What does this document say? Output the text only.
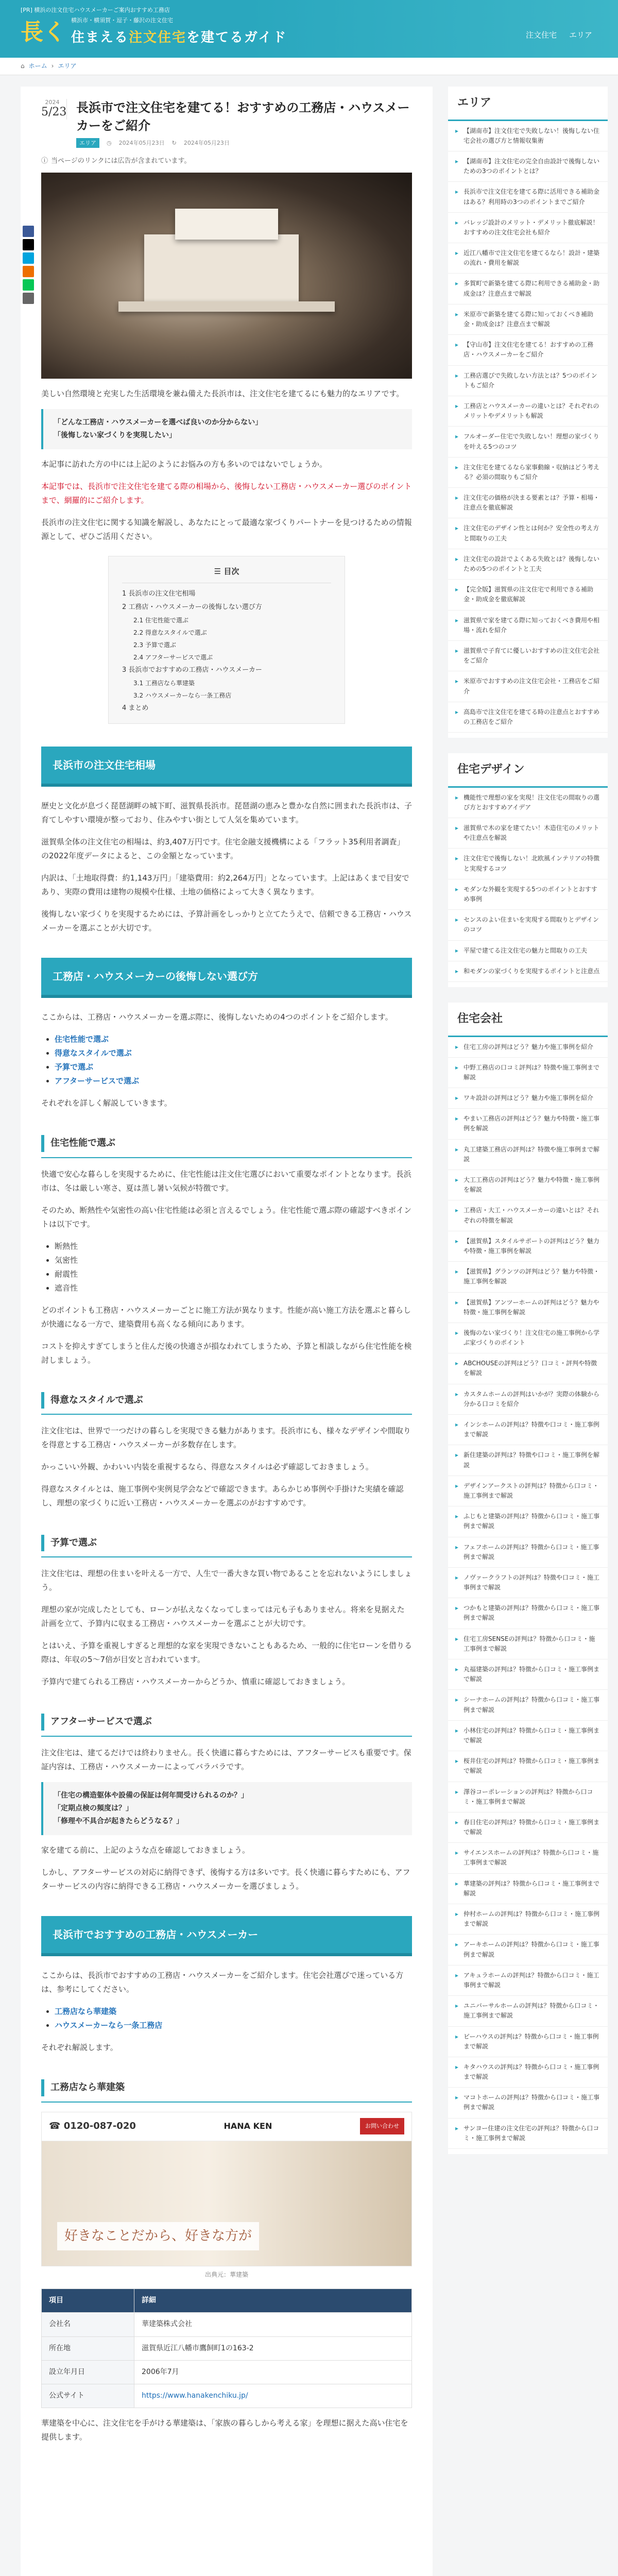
[PR] 横浜の注文住宅ハウスメーカーご案内おすすめ工務店
長く 横浜市・横須賀・逗子・藤沢の注文住宅
住まえる注文住宅を建てるガイド	注文住宅 エリア
⌂ ホーム › エリア
2024
5/23 長浜市で注文住宅を建てる！おすすめの工務店・ハウスメーカーをご紹介
エリア	◷ 2024年05月23日 ↻ 2024年05月23日
ⓘ 当ページのリンクには広告が含まれています。

美しい自然環境と充実した生活環境を兼ね備えた長浜市は、注文住宅を建てるにも魅力的なエリアです。

「どんな工務店・ハウスメーカーを選べば良いのか分からない」
「後悔しない家づくりを実現したい」

本記事に訪れた方の中には上記のようにお悩みの方も多いのではないでしょうか。

本記事では、長浜市で注文住宅を建てる際の相場から、後悔しない工務店・ハウスメーカー選びのポイントまで、網羅的にご紹介します。

長浜市の注文住宅に関する知識を解説し、あなたにとって最適な家づくりパートナーを見つけるための情報源として、ぜひご活用ください。

☰ 目次
1 長浜市の注文住宅相場
2 工務店・ハウスメーカーの後悔しない選び方
2.1 住宅性能で選ぶ
2.2 得意なスタイルで選ぶ
2.3 予算で選ぶ
2.4 アフターサービスで選ぶ
3 長浜市でおすすめの工務店・ハウスメーカー
3.1 工務店なら華建築
3.2 ハウスメーカーなら一条工務店
4 まとめ
長浜市の注文住宅相場

歴史と文化が息づく琵琶湖畔の城下町、滋賀県長浜市。琵琶湖の恵みと豊かな自然に囲まれた長浜市は、子育てしやすい環境が整っており、住みやすい街として人気を集めています。

滋賀県全体の注文住宅の相場は、約3,407万円です。住宅金融支援機構による「フラット35利用者調査」の2022年度データによると、この金額となっています。

内訳は、「土地取得費：約1,143万円」「建築費用：約2,264万円」となっています。上記はあくまで目安であり、実際の費用は建物の規模や仕様、土地の価格によって大きく異なります。

後悔しない家づくりを実現するためには、予算計画をしっかりと立てたうえで、信頼できる工務店・ハウスメーカーを選ぶことが大切です。

工務店・ハウスメーカーの後悔しない選び方

ここからは、工務店・ハウスメーカーを選ぶ際に、後悔しないための4つのポイントをご紹介します。

• 住宅性能で選ぶ
• 得意なスタイルで選ぶ
• 予算で選ぶ
• アフターサービスで選ぶ

それぞれを詳しく解説していきます。

住宅性能で選ぶ

快適で安心な暮らしを実現するために、住宅性能は注文住宅選びにおいて重要なポイントとなります。長浜市は、冬は厳しい寒さ、夏は蒸し暑い気候が特徴です。

そのため、断熱性や気密性の高い住宅性能は必須と言えるでしょう。住宅性能で選ぶ際の確認すべきポイントは以下です。

• 断熱性
• 気密性
• 耐震性
• 遮音性

どのポイントも工務店・ハウスメーカーごとに施工方法が異なります。性能が高い施工方法を選ぶと暮らしが快適になる一方で、建築費用も高くなる傾向にあります。

コストを抑えすぎてしまうと住んだ後の快適さが損なわれてしまうため、予算と相談しながら住宅性能を検討しましょう。

得意なスタイルで選ぶ

注文住宅は、世界で一つだけの暮らしを実現できる魅力があります。長浜市にも、様々なデザインや間取りを得意とする工務店・ハウスメーカーが多数存在します。

かっこいい外観、かわいい内装を重視するなら、得意なスタイルは必ず確認しておきましょう。

得意なスタイルとは、施工事例や実例見学会などで確認できます。あらかじめ事例や手掛けた実績を確認し、理想の家づくりに近い工務店・ハウスメーカーを選ぶのがおすすめです。

予算で選ぶ

注文住宅は、理想の住まいを叶える一方で、人生で一番大きな買い物であることを忘れないようにしましょう。

理想の家が完成したとしても、ローンが払えなくなってしまっては元も子もありません。将来を見据えた計画を立て、予算内に収まる工務店・ハウスメーカーを選ぶことが大切です。

とはいえ、予算を重視しすぎると理想的な家を実現できないこともあるため、一般的に住宅ローンを借りる際は、年収の5〜7倍が目安と言われています。

予算内で建てられる工務店・ハウスメーカーからどうか、慎重に確認しておきましょう。

アフターサービスで選ぶ

注文住宅は、建てるだけでは終わりません。長く快適に暮らすためには、アフターサービスも重要です。保証内容は、工務店・ハウスメーカーによってバラバラです。

「住宅の構造躯体や設備の保証は何年間受けられるのか？」
「定期点検の頻度は？」
「修理や不具合が起きたらどうなる？」

家を建てる前に、上記のような点を確認しておきましょう。

しかし、アフターサービスの対応に納得できず、後悔する方は多いです。長く快適に暮らすためにも、アフターサービスの内容に納得できる工務店・ハウスメーカーを選びましょう。

長浜市でおすすめの工務店・ハウスメーカー

ここからは、長浜市でおすすめの工務店・ハウスメーカーをご紹介します。住宅会社選びで迷っている方は、参考にしてください。

• 工務店なら華建築
• ハウスメーカーなら一条工務店

それぞれ解説します。

工務店なら華建築
☎ 0120-087-020	HANA KEN	お問い合わせ
好きなことだから、好きな方が
出典元：華建築
項目	詳細
会社名	華建築株式会社
所在地	滋賀県近江八幡市鷹飼町1の163-2
設立年月日	2006年7月
公式サイト	https://www.hanakenchiku.jp/

華建築を中心に、注文住宅を手がける華建築は、「家族の暮らしから考える家」を理想に据えた高い住宅を提供します。

エリア
▸ 【湖南市】注文住宅で失敗しない！後悔しない住宅会社の選び方と情報収集術
▸ 【湖南市】注文住宅の完全自由設計で後悔しないための3つのポイントとは？
▸ 長浜市で注文住宅を建てる際に活用できる補助金はある？利用時の3つのポイントまでご紹介
▸ バレッジ設計のメリット・デメリット徹底解説！おすすめの注文住宅会社も紹介
▸ 近江八幡市で注文住宅を建てるなら！設計・建築の流れ・費用を解説
▸ 多賀町で新築を建てる際に利用できる補助金・助成金は？注意点まで解説
▸ 米原市で新築を建てる際に知っておくべき補助金・助成金は？注意点まで解説
▸ 【守山市】注文住宅を建てる！おすすめの工務店・ハウスメーカーをご紹介
▸ 工務店選びで失敗しない方法とは？5つのポイントもご紹介
▸ 工務店とハウスメーカーの違いとは？それぞれのメリットやデメリットも解説
▸ フルオーダー住宅で失敗しない！理想の家づくりを叶える5つのコツ
▸ 注文住宅を建てるなら家事動線・収納はどう考える？必須の間取りもご紹介
▸ 注文住宅の価格が決まる要素とは？予算・相場・注意点を徹底解説
▸ 注文住宅のデザイン性とは何か？安全性の考え方と間取りの工夫
▸ 注文住宅の設計でよくある失敗とは？後悔しないための5つのポイントと工夫
▸ 【完全版】滋賀県の注文住宅で利用できる補助金・助成金を徹底解説
▸ 滋賀県で家を建てる際に知っておくべき費用や相場・流れを紹介
▸ 滋賀県で子育てに優しいおすすめの注文住宅会社をご紹介
▸ 米原市でおすすめの注文住宅会社・工務店をご紹介
▸ 高島市で注文住宅を建てる時の注意点とおすすめの工務店をご紹介
住宅デザイン
▸ 機能性で理想の家を実現！注文住宅の間取りの選び方とおすすめアイデア
▸ 滋賀県で木の家を建てたい！木造住宅のメリットや注意点を解説
▸ 注文住宅で後悔しない！北欧風インテリアの特徴と実現するコツ
▸ モダンな外観を実現する5つのポイントとおすすめ事例
▸ センスのよい住まいを実現する間取りとデザインのコツ
▸ 平屋で建てる注文住宅の魅力と間取りの工夫
▸ 和モダンの家づくりを実現するポイントと注意点
住宅会社
▸ 住宅工房の評判はどう？魅力や施工事例を紹介
▸ 中野工務店の口コミ評判は？特徴や施工事例まで解説
▸ ワキ設計の評判はどう？魅力や施工事例を紹介
▸ やまい工務店の評判はどう？魅力や特徴・施工事例を解説
▸ 丸工建築工務店の評判は？特徴や施工事例まで解説
▸ 大工工務店の評判はどう？魅力や特徴・施工事例を解説
▸ 工務店・大工・ハウスメーカーの違いとは？それぞれの特徴を解説
▸ 【滋賀県】スタイルサポートの評判はどう？魅力や特徴・施工事例を解説
▸ 【滋賀県】グランツの評判はどう？魅力や特徴・施工事例を解説
▸ 【滋賀県】アンツーホームの評判はどう？魅力や特徴・施工事例を解説
▸ 後悔のない家づくり！注文住宅の施工事例から学ぶ家づくりのポイント
▸ ABCHOUSEの評判はどう？口コミ・評判や特徴を解説
▸ カスタムホームの評判はいかが？実際の体験から分かる口コミを紹介
▸ インシホームの評判は？特徴や口コミ・施工事例まで解説
▸ 新住建築の評判は？特徴や口コミ・施工事例を解説
▸ デザインアークストの評判は？特徴から口コミ・施工事例まで解説
▸ ふじもと建築の評判は？特徴から口コミ・施工事例まで解説
▸ フェフホームの評判は？特徴から口コミ・施工事例まで解説
▸ ノヴァークラフトの評判は？特徴や口コミ・施工事例まで解説
▸ つかもと建築の評判は？特徴から口コミ・施工事例まで解説
▸ 住宅工房SENSEの評判は？特徴から口コミ・施工事例まで解説
▸ 丸福建築の評判は？特徴から口コミ・施工事例まで解説
▸ シーナホームの評判は？特徴から口コミ・施工事例まで解説
▸ 小林住宅の評判は？特徴から口コミ・施工事例まで解説
▸ 桜井住宅の評判は？特徴から口コミ・施工事例まで解説
▸ 澤谷コーポレーションの評判は？特徴から口コミ・施工事例まで解説
▸ 春日住宅の評判は？特徴から口コミ・施工事例まで解説
▸ サイエンスホームの評判は？特徴から口コミ・施工事例まで解説
▸ 華建築の評判は？特徴から口コミ・施工事例まで解説
▸ 仲村ホームの評判は？特徴から口コミ・施工事例まで解説
▸ アーキホームの評判は？特徴から口コミ・施工事例まで解説
▸ アキュラホームの評判は？特徴から口コミ・施工事例まで解説
▸ ユニバーサルホームの評判は？特徴から口コミ・施工事例まで解説
▸ ビーハウスの評判は？特徴から口コミ・施工事例まで解説
▸ キタハウスの評判は？特徴から口コミ・施工事例まで解説
▸ マコトホームの評判は？特徴から口コミ・施工事例まで解説
▸ サンヨー住建の注文住宅の評判は？特徴から口コミ・施工事例まで解説
